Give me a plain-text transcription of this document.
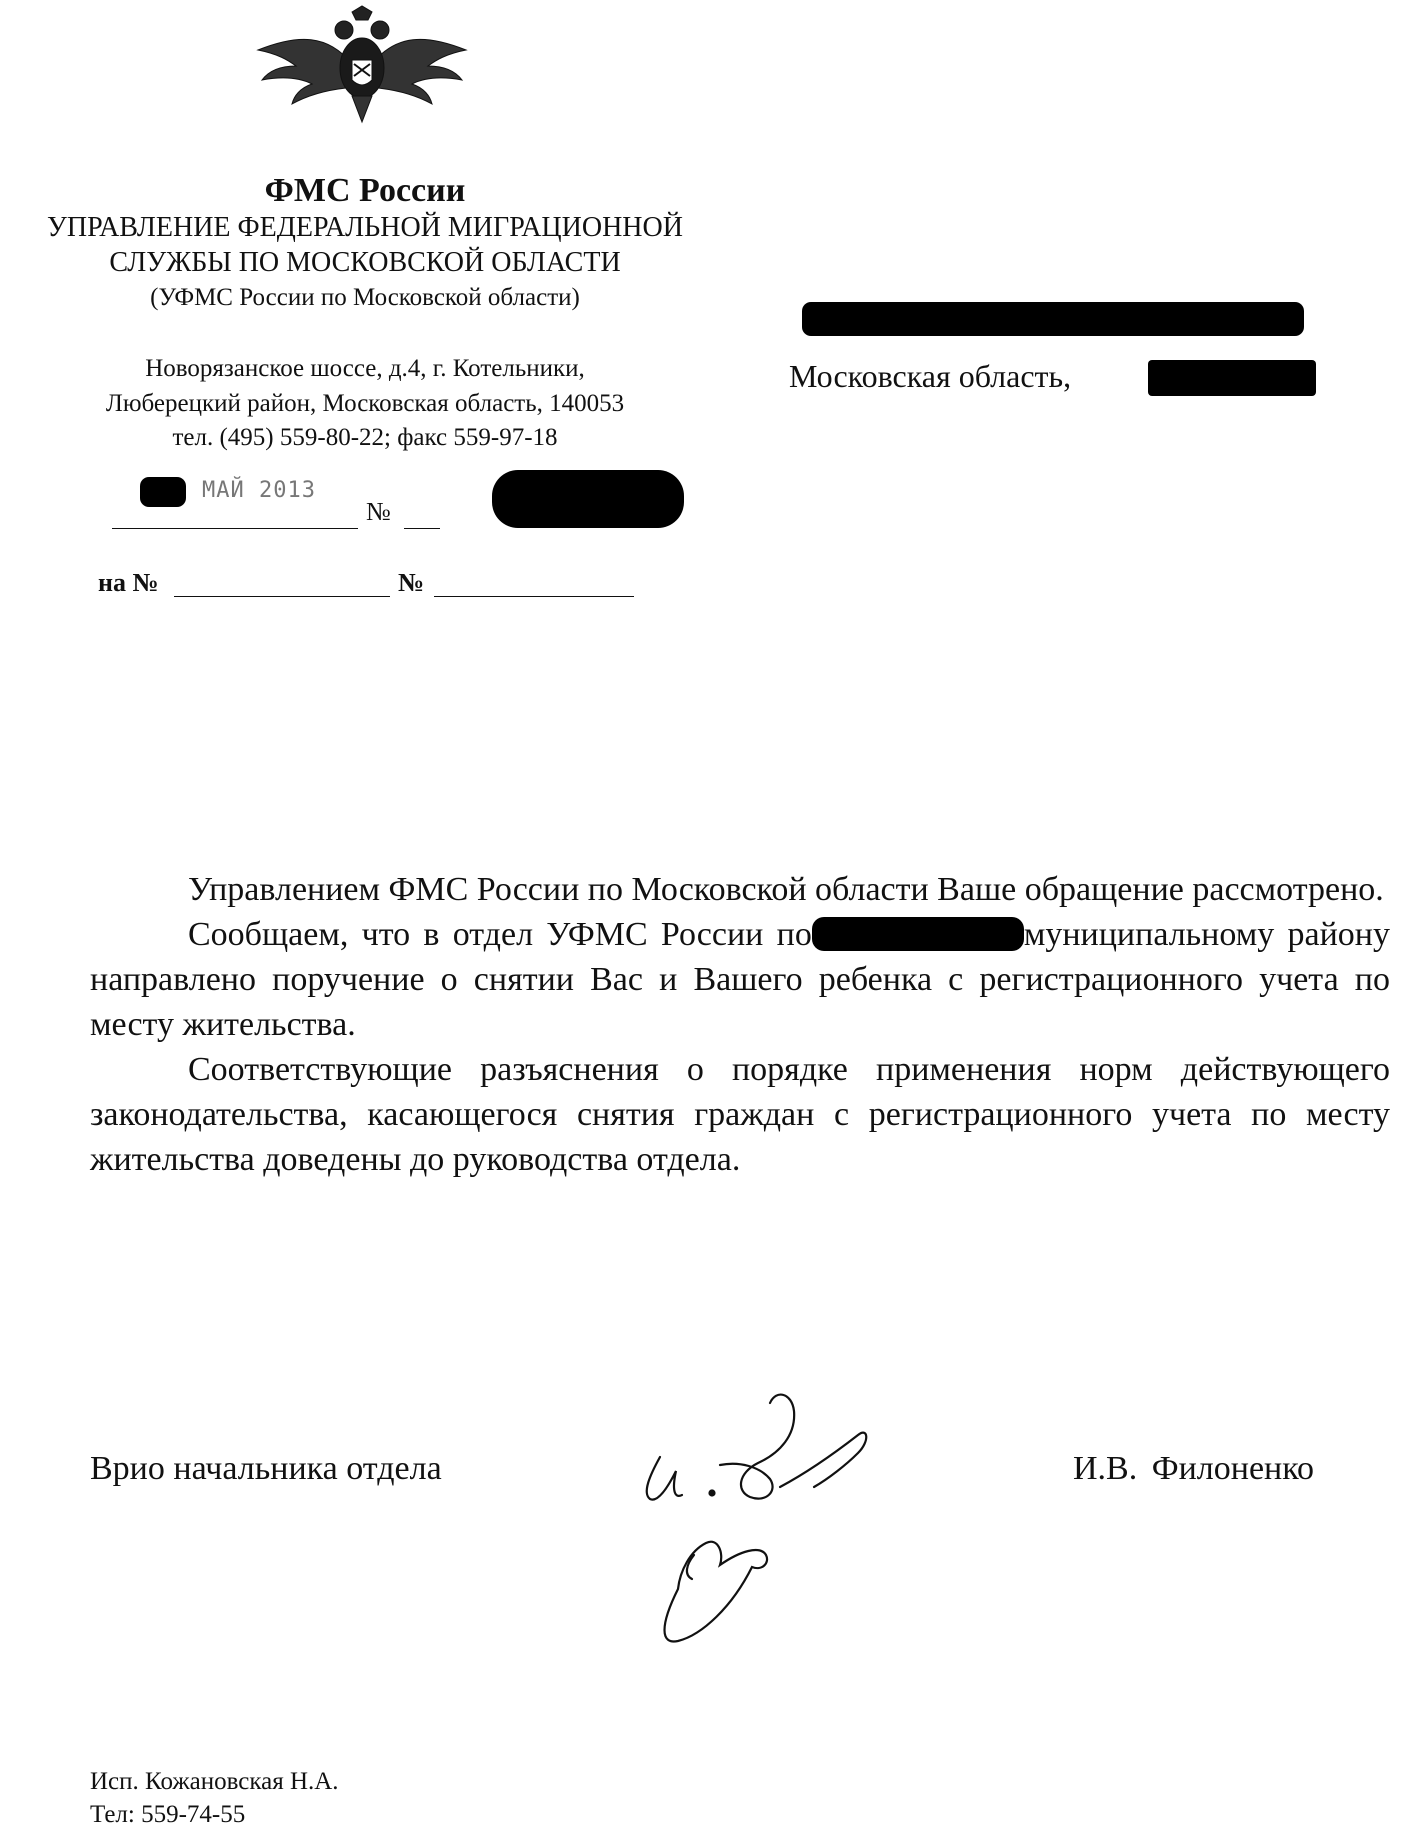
ФМС России
УПРАВЛЕНИЕ ФЕДЕРАЛЬНОЙ МИГРАЦИОННОЙ
СЛУЖБЫ ПО МОСКОВСКОЙ ОБЛАСТИ
(УФМС России по Московской области)
Новорязанское шоссе, д.4, г. Котельники,
Люберецкий район, Московская область, 140053
тел. (495) 559-80-22; факс 559-97-18
МАЙ 2013
№
на №	№
Московская область,

Управлением ФМС России по Московской области Ваше обращение рассмотрено.

Сообщаем, что в отдел УФМС России по	муниципальному району направлено поручение о снятии Вас и Вашего ребенка с регистрационного учета по месту жительства.

Соответствующие разъяснения о порядке применения норм действующего законодательства, касающегося снятия граждан с регистрационного учета по месту жительства доведены до руководства отдела.

Врио начальника отдела	И.В. Филоненко
Исп. Кожановская Н.А.
Тел: 559-74-55
